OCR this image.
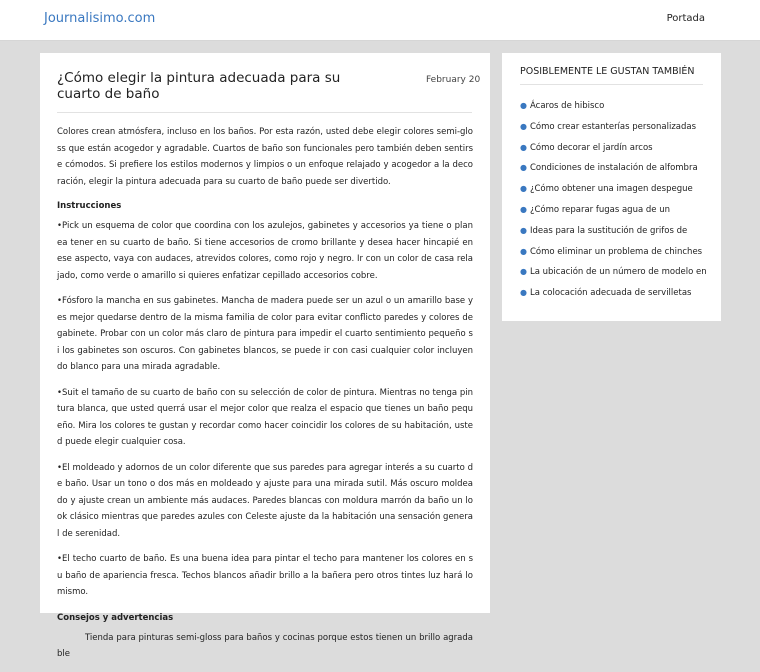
Journalisimo.com	Portada
¿Cómo elegir la pintura adecuada para su cuarto de baño
February 20

Colores crean atmósfera, incluso en los baños. Por esta razón, usted debe elegir colores semi-gloss que están acogedor y agradable. Cuartos de baño son funcionales pero también deben sentirse cómodos. Si prefiere los estilos modernos y limpios o un enfoque relajado y acogedor a la decoración, elegir la pintura adecuada para su cuarto de baño puede ser divertido.

Instrucciones

•Pick un esquema de color que coordina con los azulejos, gabinetes y accesorios ya tiene o planea tener en su cuarto de baño. Si tiene accesorios de cromo brillante y desea hacer hincapié en ese aspecto, vaya con audaces, atrevidos colores, como rojo y negro. Ir con un color de casa relajado, como verde o amarillo si quieres enfatizar cepillado accesorios cobre.

•Fósforo la mancha en sus gabinetes. Mancha de madera puede ser un azul o un amarillo base y es mejor quedarse dentro de la misma familia de color para evitar conflicto paredes y colores de gabinete. Probar con un color más claro de pintura para impedir el cuarto sentimiento pequeño si los gabinetes son oscuros. Con gabinetes blancos, se puede ir con casi cualquier color incluyendo blanco para una mirada agradable.

•Suit el tamaño de su cuarto de baño con su selección de color de pintura. Mientras no tenga pintura blanca, que usted querrá usar el mejor color que realza el espacio que tienes un baño pequeño. Mira los colores te gustan y recordar como hacer coincidir los colores de su habitación, usted puede elegir cualquier cosa.

•El moldeado y adornos de un color diferente que sus paredes para agregar interés a su cuarto de baño. Usar un tono o dos más en moldeado y ajuste para una mirada sutil. Más oscuro moldeado y ajuste crean un ambiente más audaces. Paredes blancas con moldura marrón da baño un look clásico mientras que paredes azules con Celeste ajuste da la habitación una sensación general de serenidad.

•El techo cuarto de baño. Es una buena idea para pintar el techo para mantener los colores en su baño de apariencia fresca. Techos blancos añadir brillo a la bañera pero otros tintes luz hará lo mismo.

Consejos y advertencias

Tienda para pinturas semi-gloss para baños y cocinas porque estos tienen un brillo agradable

POSIBLEMENTE LE GUSTAN TAMBIÉN
● Ácaros de hibisco
● Cómo crear estanterías personalizadas
● Cómo decorar el jardín arcos
● Condiciones de instalación de alfombra
● ¿Cómo obtener una imagen despegue
● ¿Cómo reparar fugas agua de un
● Ideas para la sustitución de grifos de
● Cómo eliminar un problema de chinches
● La ubicación de un número de modelo en
● La colocación adecuada de servilletas
